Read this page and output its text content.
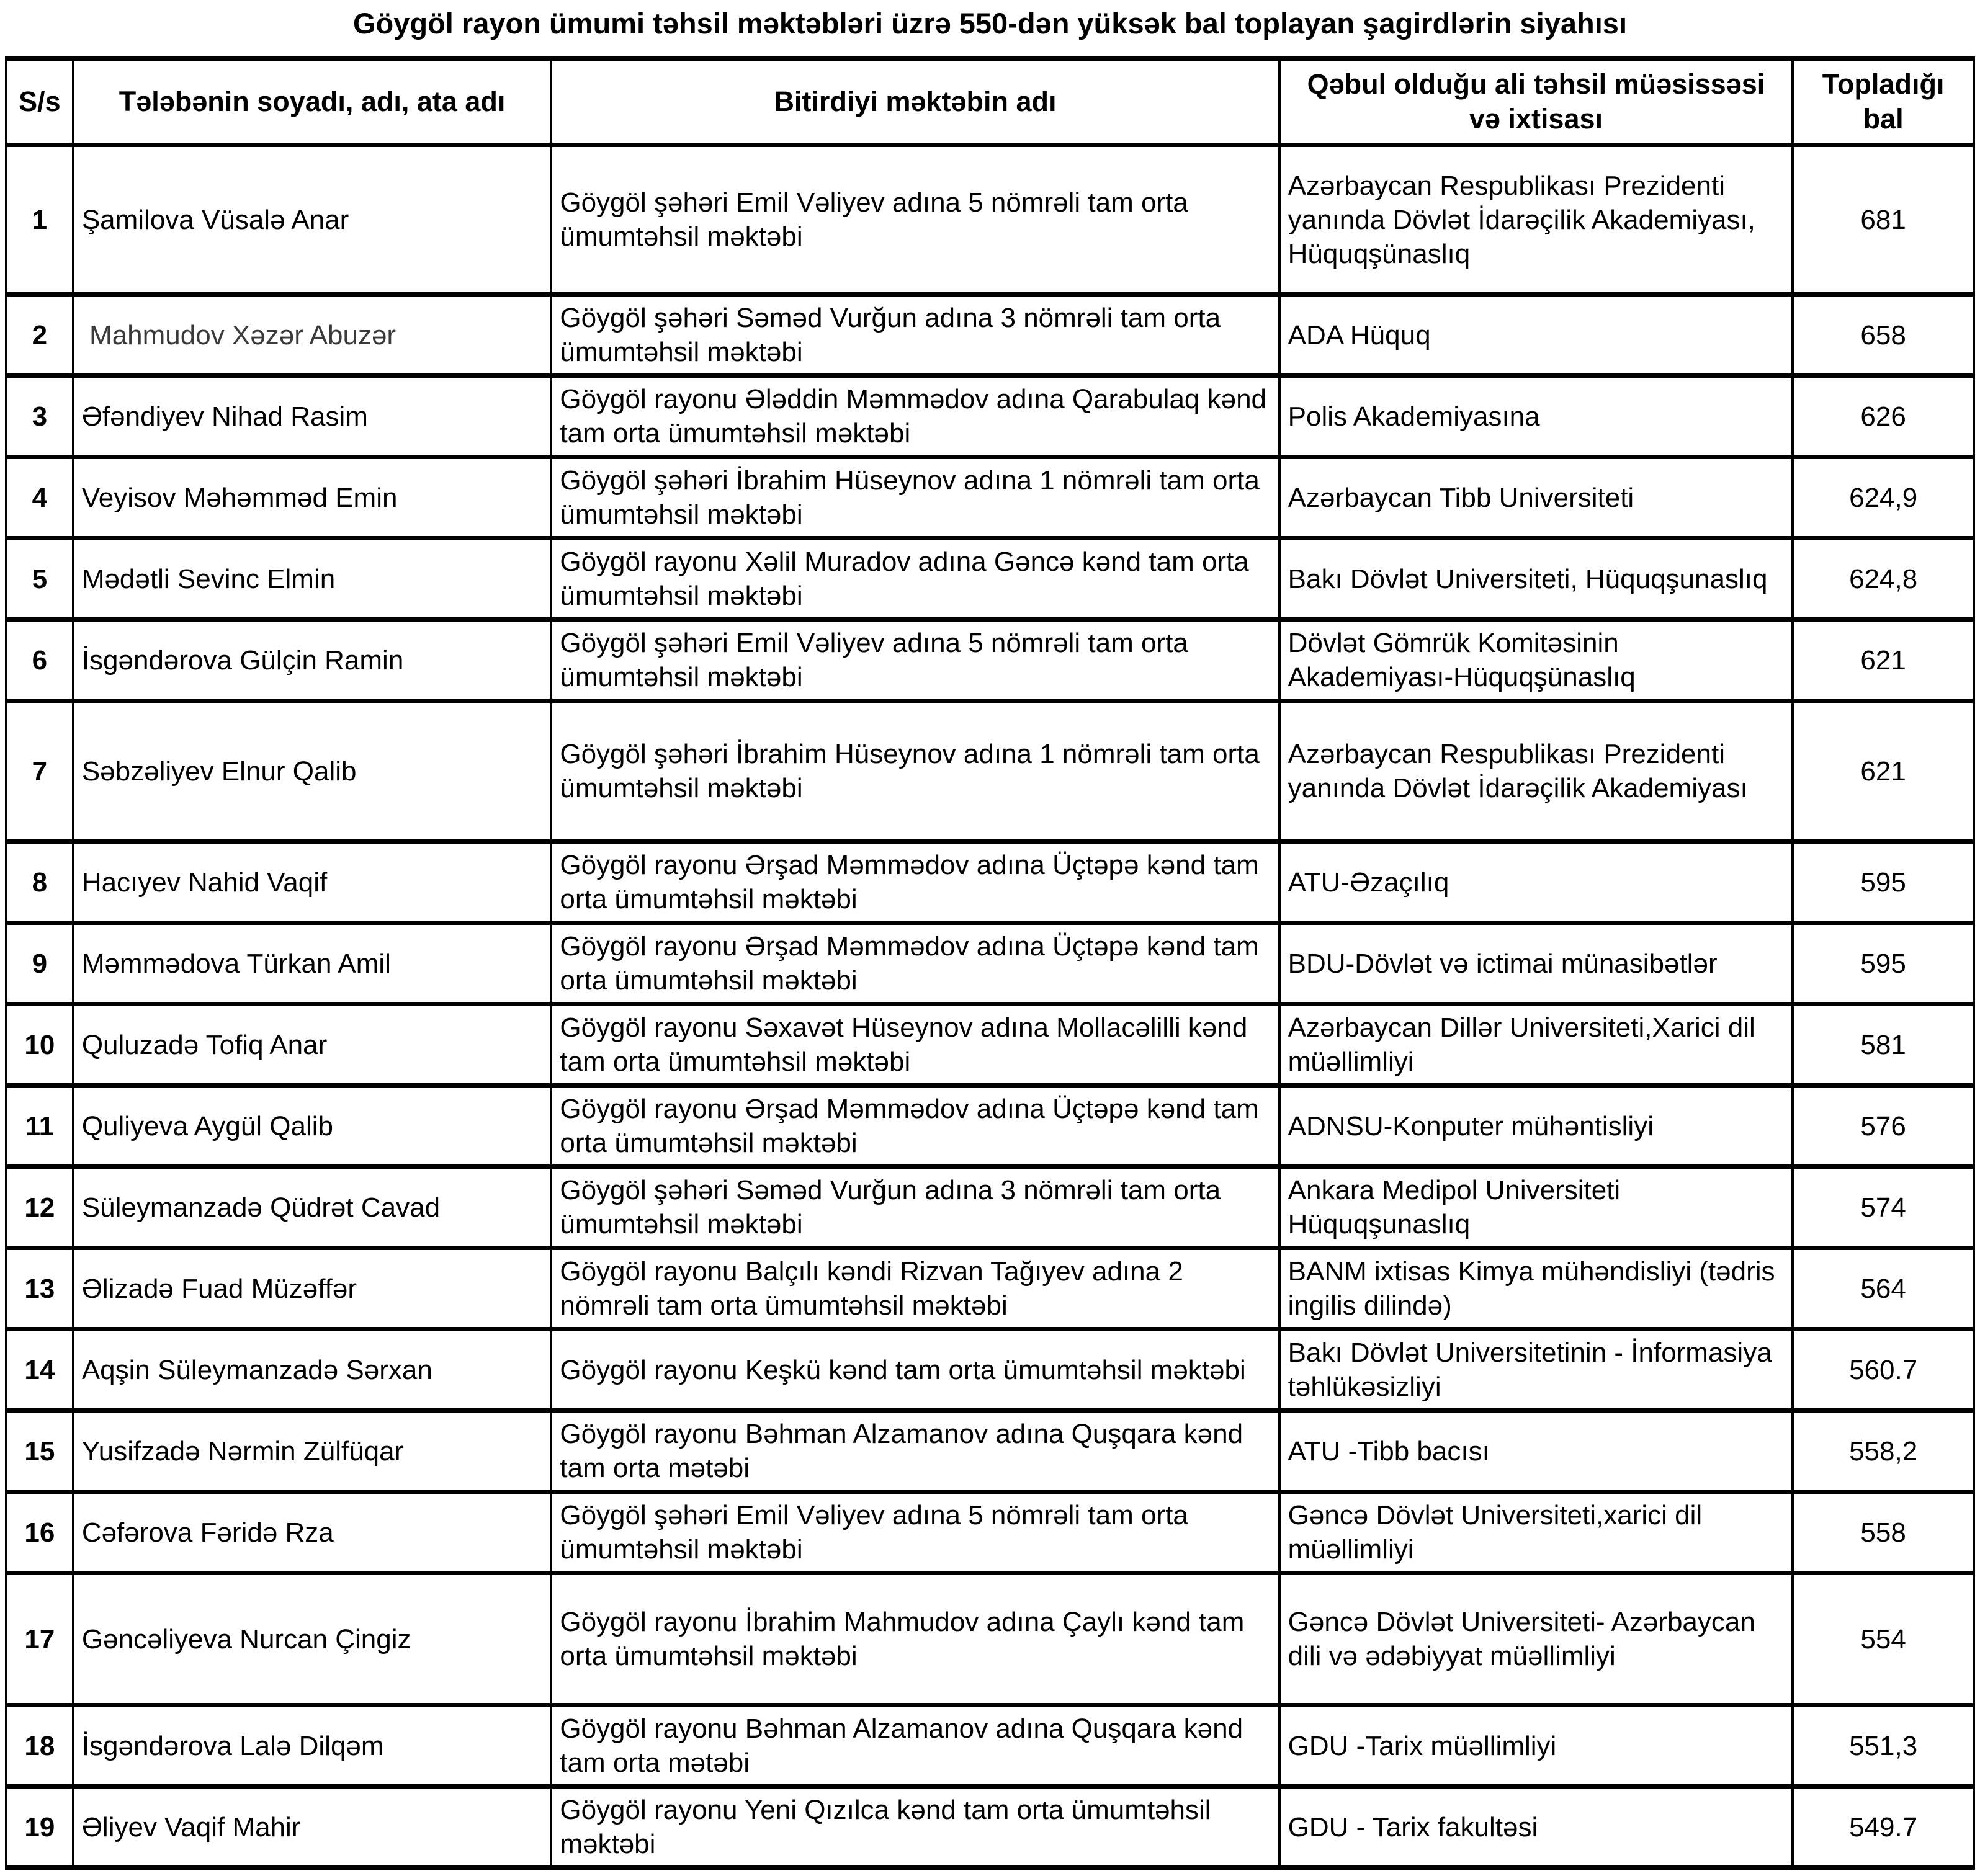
Göygöl rayon ümumi təhsil məktəbləri üzrə 550-dən yüksək bal toplayan şagirdlərin siyahısı
S/s	Tələbənin soyadı, adı, ata adı	Bitirdiyi məktəbin adı	Qəbul olduğu ali təhsil müəsissəsi və ixtisası	Topladığı bal
1	Şamilova Vüsalə Anar	Göygöl şəhəri Emil Vəliyev adına 5 nömrəli tam orta ümumtəhsil məktəbi	Azərbaycan Respublikası Prezidenti yanında Dövlət İdarəçilik Akademiyası, Hüquqşünaslıq	681
2	Mahmudov Xəzər Abuzər	Göygöl şəhəri Səməd Vurğun adına 3 nömrəli tam orta ümumtəhsil məktəbi	ADA Hüquq	658
3	Əfəndiyev Nihad Rasim	Göygöl rayonu Ələddin Məmmədov adına Qarabulaq kənd tam orta ümumtəhsil məktəbi	Polis Akademiyasına	626
4	Veyisov Məhəmməd Emin	Göygöl şəhəri İbrahim Hüseynov adına 1 nömrəli tam orta ümumtəhsil məktəbi	Azərbaycan Tibb Universiteti	624,9
5	Mədətli Sevinc Elmin	Göygöl rayonu Xəlil Muradov adına Gəncə kənd tam orta ümumtəhsil məktəbi	Bakı Dövlət Universiteti, Hüquqşunaslıq	624,8
6	İsgəndərova Gülçin Ramin	Göygöl şəhəri Emil Vəliyev adına 5 nömrəli tam orta ümumtəhsil məktəbi	Dövlət Gömrük Komitəsinin Akademiyası-Hüquqşünaslıq	621
7	Səbzəliyev Elnur Qalib	Göygöl şəhəri İbrahim Hüseynov adına 1 nömrəli tam orta ümumtəhsil məktəbi	Azərbaycan Respublikası Prezidenti yanında Dövlət İdarəçilik Akademiyası	621
8	Hacıyev Nahid Vaqif	Göygöl rayonu Ərşad Məmmədov adına Üçtəpə kənd tam orta ümumtəhsil məktəbi	ATU-Əzaçılıq	595
9	Məmmədova Türkan Amil	Göygöl rayonu Ərşad Məmmədov adına Üçtəpə kənd tam orta ümumtəhsil məktəbi	BDU-Dövlət və ictimai münasibətlər	595
10	Quluzadə Tofiq Anar	Göygöl rayonu Səxavət Hüseynov adına Mollacəlilli kənd tam orta ümumtəhsil məktəbi	Azərbaycan Dillər Universiteti,Xarici dil müəllimliyi	581
11	Quliyeva Aygül Qalib	Göygöl rayonu Ərşad Məmmədov adına Üçtəpə kənd tam orta ümumtəhsil məktəbi	ADNSU-Konputer mühəntisliyi	576
12	Süleymanzadə Qüdrət Cavad	Göygöl şəhəri Səməd Vurğun adına 3 nömrəli tam orta ümumtəhsil məktəbi	Ankara Medipol Universiteti Hüquqşunaslıq	574
13	Əlizadə Fuad Müzəffər	Göygöl rayonu Balçılı kəndi Rizvan Tağıyev adına 2 nömrəli tam orta ümumtəhsil məktəbi	BANM ixtisas Kimya mühəndisliyi (tədris ingilis dilində)	564
14	Aqşin Süleymanzadə Sərxan	Göygöl rayonu Keşkü kənd tam orta ümumtəhsil məktəbi	Bakı Dövlət Universitetinin - İnformasiya təhlükəsizliyi	560.7
15	Yusifzadə Nərmin Zülfüqar	Göygöl rayonu Bəhman Alzamanov adına Quşqara kənd tam orta mətəbi	ATU -Tibb bacısı	558,2
16	Cəfərova Fəridə Rza	Göygöl şəhəri Emil Vəliyev adına 5 nömrəli tam orta ümumtəhsil məktəbi	Gəncə Dövlət Universiteti,xarici dil müəllimliyi	558
17	Gəncəliyeva Nurcan Çingiz	Göygöl rayonu İbrahim Mahmudov adına Çaylı kənd tam orta ümumtəhsil məktəbi	Gəncə Dövlət Universiteti- Azərbaycan dili və ədəbiyyat müəllimliyi	554
18	İsgəndərova Lalə Dilqəm	Göygöl rayonu Bəhman Alzamanov adına Quşqara kənd tam orta mətəbi	GDU -Tarix müəllimliyi	551,3
19	Əliyev Vaqif Mahir	Göygöl rayonu Yeni Qızılca kənd tam orta ümumtəhsil məktəbi	GDU - Tarix fakultəsi	549.7
